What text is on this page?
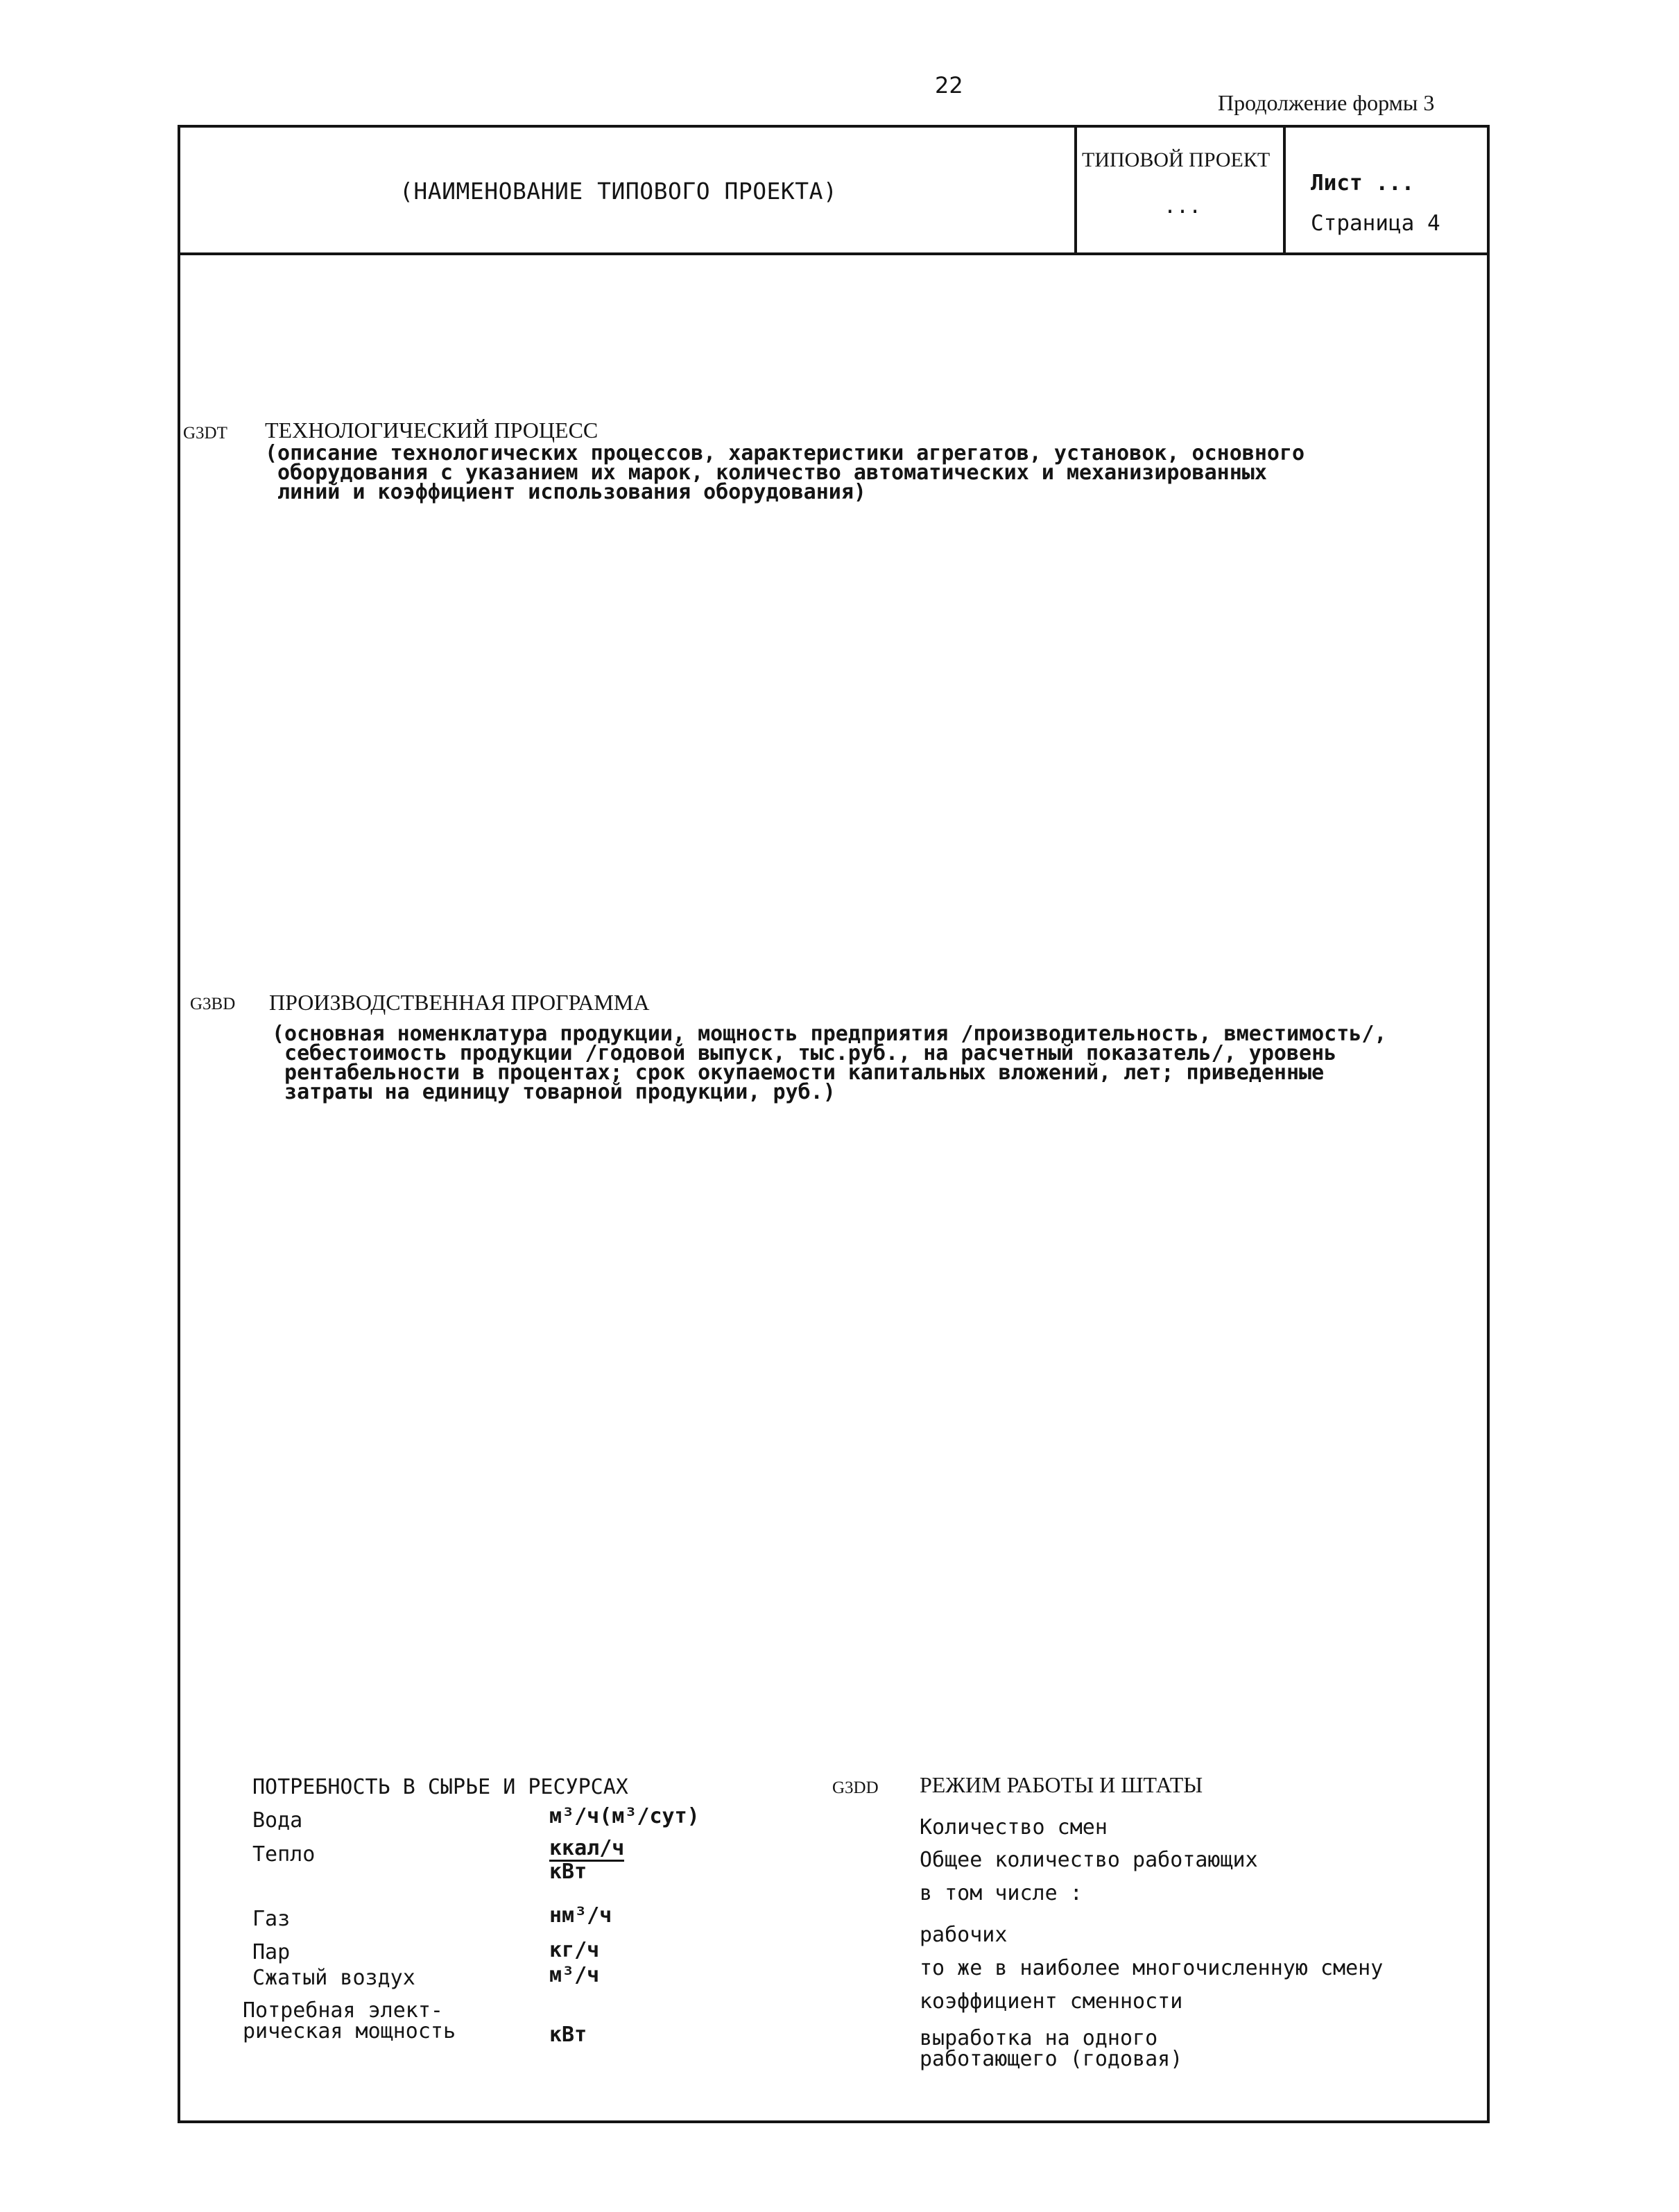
22
Продолжение формы 3
(НАИМЕНОВАНИЕ ТИПОВОГО ПРОЕКТА)
ТИПОВОЙ ПРОЕКТ
...
Лист ...
Страница 4
G3DT ТЕХНОЛОГИЧЕСКИЙ ПРОЦЕСС
(описание технологических процессов, характеристики агрегатов, установок, основного
оборудования с указанием их марок, количество автоматических и механизированных
линий и коэффициент использования оборудования)
G3BD ПРОИЗВОДСТВЕННАЯ ПРОГРАММА
(основная номенклатура продукции, мощность предприятия /производительность, вместимость/,
себестоимость продукции /годовой выпуск, тыс.руб., на расчетный показатель/, уровень
рентабельности в процентах; срок окупаемости капитальных вложений, лет; приведенные
затраты на единицу товарной продукции, руб.)
ПОТРЕБНОСТЬ В СЫРЬЕ И РЕСУРСАХ
Вода	м³/ч(м³/сут)
Тепло	ккал/ч
кВт
Газ	нм³/ч
Пар	кг/ч
Сжатый воздух	м³/ч
Потребная элект-
рическая мощность	кВт
G3DD РЕЖИМ РАБОТЫ И ШТАТЫ
Количество смен
Общее количество работающих
в том числе :
рабочих
то же в наиболее многочисленную смену
коэффициент сменности
выработка на одного
работающего (годовая)
